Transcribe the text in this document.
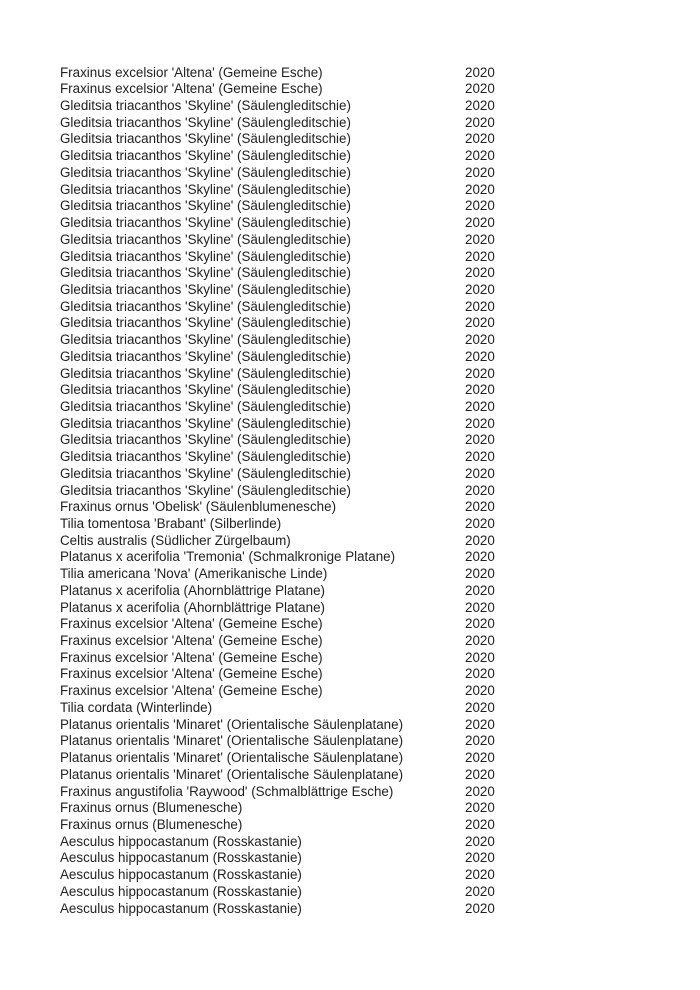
Fraxinus excelsior 'Altena' (Gemeine Esche)	2020
Fraxinus excelsior 'Altena' (Gemeine Esche)	2020
Gleditsia triacanthos 'Skyline' (Säulengleditschie)	2020
Gleditsia triacanthos 'Skyline' (Säulengleditschie)	2020
Gleditsia triacanthos 'Skyline' (Säulengleditschie)	2020
Gleditsia triacanthos 'Skyline' (Säulengleditschie)	2020
Gleditsia triacanthos 'Skyline' (Säulengleditschie)	2020
Gleditsia triacanthos 'Skyline' (Säulengleditschie)	2020
Gleditsia triacanthos 'Skyline' (Säulengleditschie)	2020
Gleditsia triacanthos 'Skyline' (Säulengleditschie)	2020
Gleditsia triacanthos 'Skyline' (Säulengleditschie)	2020
Gleditsia triacanthos 'Skyline' (Säulengleditschie)	2020
Gleditsia triacanthos 'Skyline' (Säulengleditschie)	2020
Gleditsia triacanthos 'Skyline' (Säulengleditschie)	2020
Gleditsia triacanthos 'Skyline' (Säulengleditschie)	2020
Gleditsia triacanthos 'Skyline' (Säulengleditschie)	2020
Gleditsia triacanthos 'Skyline' (Säulengleditschie)	2020
Gleditsia triacanthos 'Skyline' (Säulengleditschie)	2020
Gleditsia triacanthos 'Skyline' (Säulengleditschie)	2020
Gleditsia triacanthos 'Skyline' (Säulengleditschie)	2020
Gleditsia triacanthos 'Skyline' (Säulengleditschie)	2020
Gleditsia triacanthos 'Skyline' (Säulengleditschie)	2020
Gleditsia triacanthos 'Skyline' (Säulengleditschie)	2020
Gleditsia triacanthos 'Skyline' (Säulengleditschie)	2020
Gleditsia triacanthos 'Skyline' (Säulengleditschie)	2020
Gleditsia triacanthos 'Skyline' (Säulengleditschie)	2020
Fraxinus ornus 'Obelisk' (Säulenblumenesche)	2020
Tilia tomentosa 'Brabant' (Silberlinde)	2020
Celtis australis (Südlicher Zürgelbaum)	2020
Platanus x acerifolia 'Tremonia' (Schmalkronige Platane)	2020
Tilia americana 'Nova' (Amerikanische Linde)	2020
Platanus x acerifolia (Ahornblättrige Platane)	2020
Platanus x acerifolia (Ahornblättrige Platane)	2020
Fraxinus excelsior 'Altena' (Gemeine Esche)	2020
Fraxinus excelsior 'Altena' (Gemeine Esche)	2020
Fraxinus excelsior 'Altena' (Gemeine Esche)	2020
Fraxinus excelsior 'Altena' (Gemeine Esche)	2020
Fraxinus excelsior 'Altena' (Gemeine Esche)	2020
Tilia cordata (Winterlinde)	2020
Platanus orientalis 'Minaret' (Orientalische Säulenplatane)	2020
Platanus orientalis 'Minaret' (Orientalische Säulenplatane)	2020
Platanus orientalis 'Minaret' (Orientalische Säulenplatane)	2020
Platanus orientalis 'Minaret' (Orientalische Säulenplatane)	2020
Fraxinus angustifolia 'Raywood' (Schmalblättrige Esche)	2020
Fraxinus ornus (Blumenesche)	2020
Fraxinus ornus (Blumenesche)	2020
Aesculus hippocastanum (Rosskastanie)	2020
Aesculus hippocastanum (Rosskastanie)	2020
Aesculus hippocastanum (Rosskastanie)	2020
Aesculus hippocastanum (Rosskastanie)	2020
Aesculus hippocastanum (Rosskastanie)	2020
